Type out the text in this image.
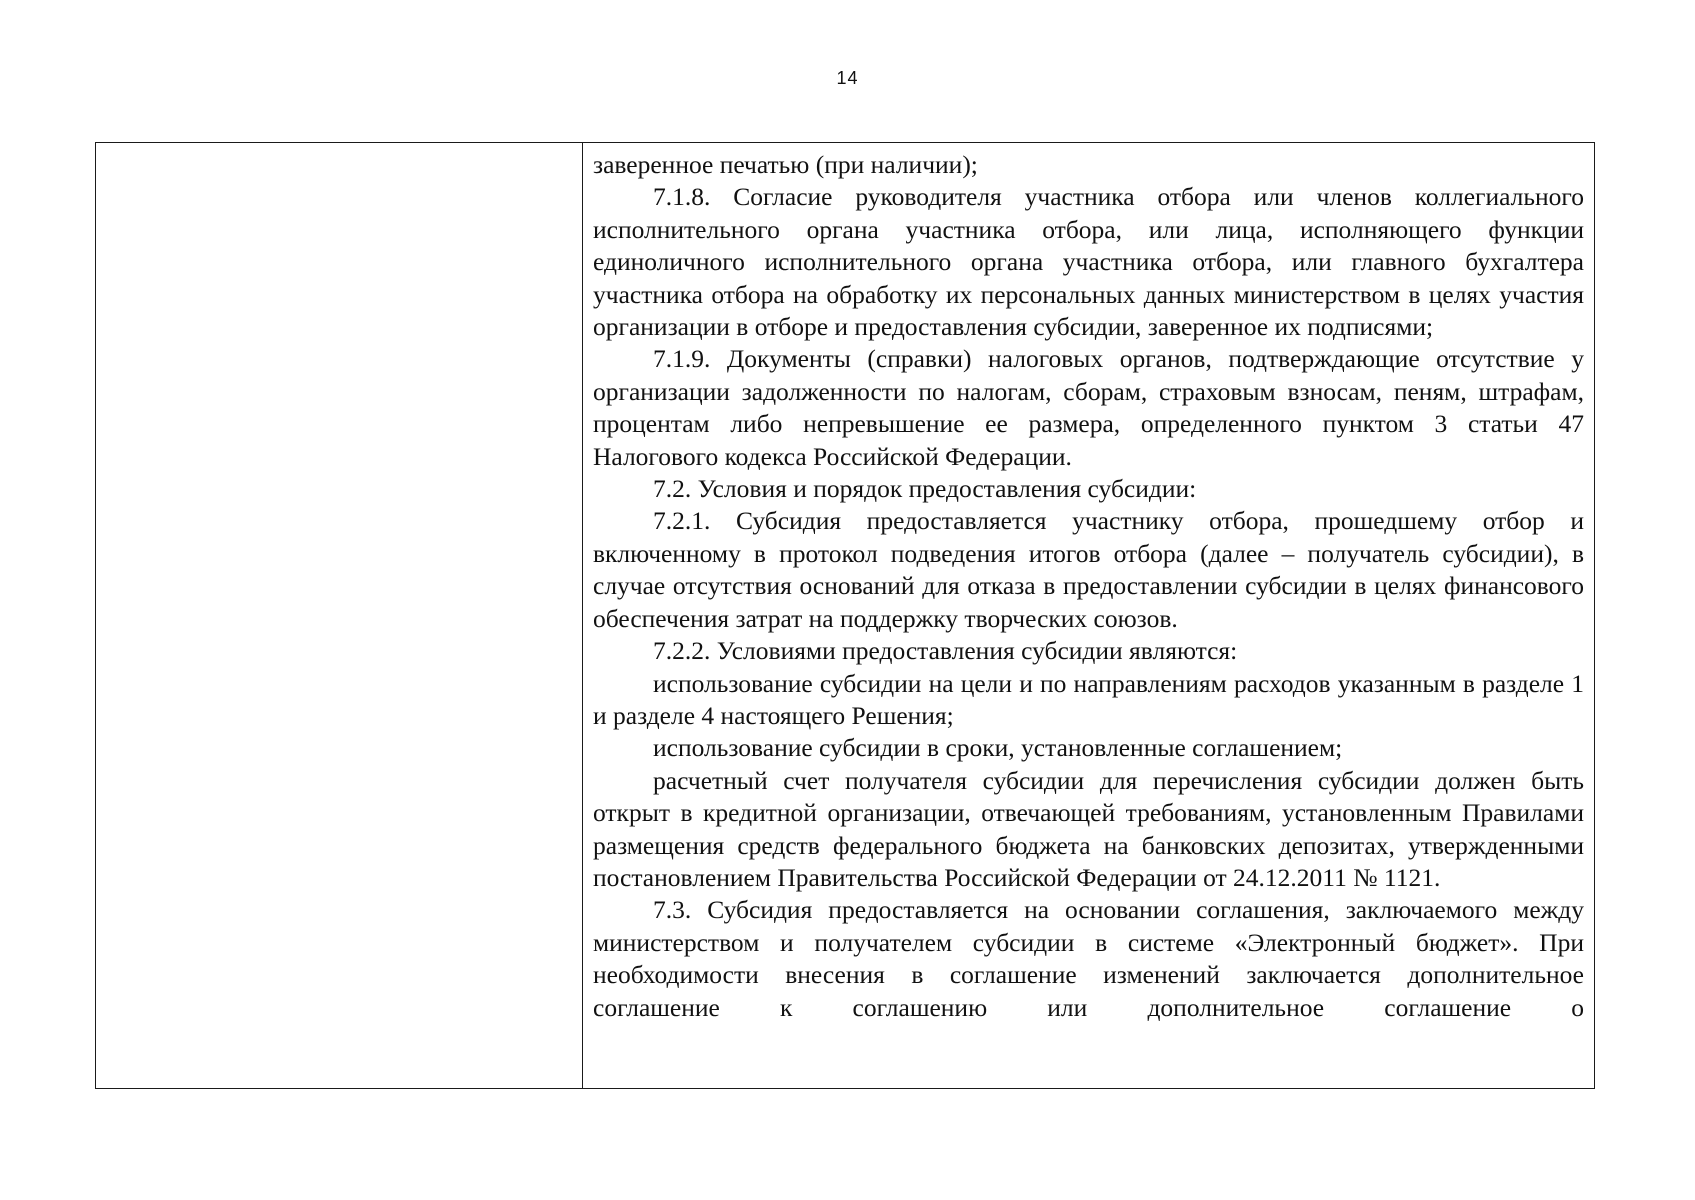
14

заверенное печатью (при наличии);

7.1.8. Согласие руководителя участника отбора или членов коллегиального исполнительного органа участника отбора, или лица, исполняющего функции единоличного исполнительного органа участника отбора, или главного бухгалтера участника отбора на обработку их персональных данных министерством в целях участия организации в отборе и предоставления субсидии, заверенное их подписями;

7.1.9. Документы (справки) налоговых органов, подтверждающие отсутствие у организации задолженности по налогам, сборам, страховым взносам, пеням, штрафам, процентам либо непревышение ее размера, определенного пунктом 3 статьи 47 Налогового кодекса Российской Федерации.

7.2. Условия и порядок предоставления субсидии:

7.2.1. Субсидия предоставляется участнику отбора, прошедшему отбор и включенному в протокол подведения итогов отбора (далее – получатель субсидии), в случае отсутствия оснований для отказа в предоставлении субсидии в целях финансового обеспечения затрат на поддержку творческих союзов.

7.2.2. Условиями предоставления субсидии являются:

использование субсидии на цели и по направлениям расходов указанным в разделе 1 и разделе 4 настоящего Решения;

использование субсидии в сроки, установленные соглашением;

расчетный счет получателя субсидии для перечисления субсидии должен быть открыт в кредитной организации, отвечающей требованиям, установленным Правилами размещения средств федерального бюджета на банковских депозитах, утвержденными постановлением Правительства Российской Федерации от 24.12.2011 № 1121.

7.3. Субсидия предоставляется на основании соглашения, заключаемого между министерством и получателем субсидии в системе «Электронный бюджет». При необходимости внесения в соглашение изменений заключается дополнительное соглашение к соглашению или дополнительное соглашение о
